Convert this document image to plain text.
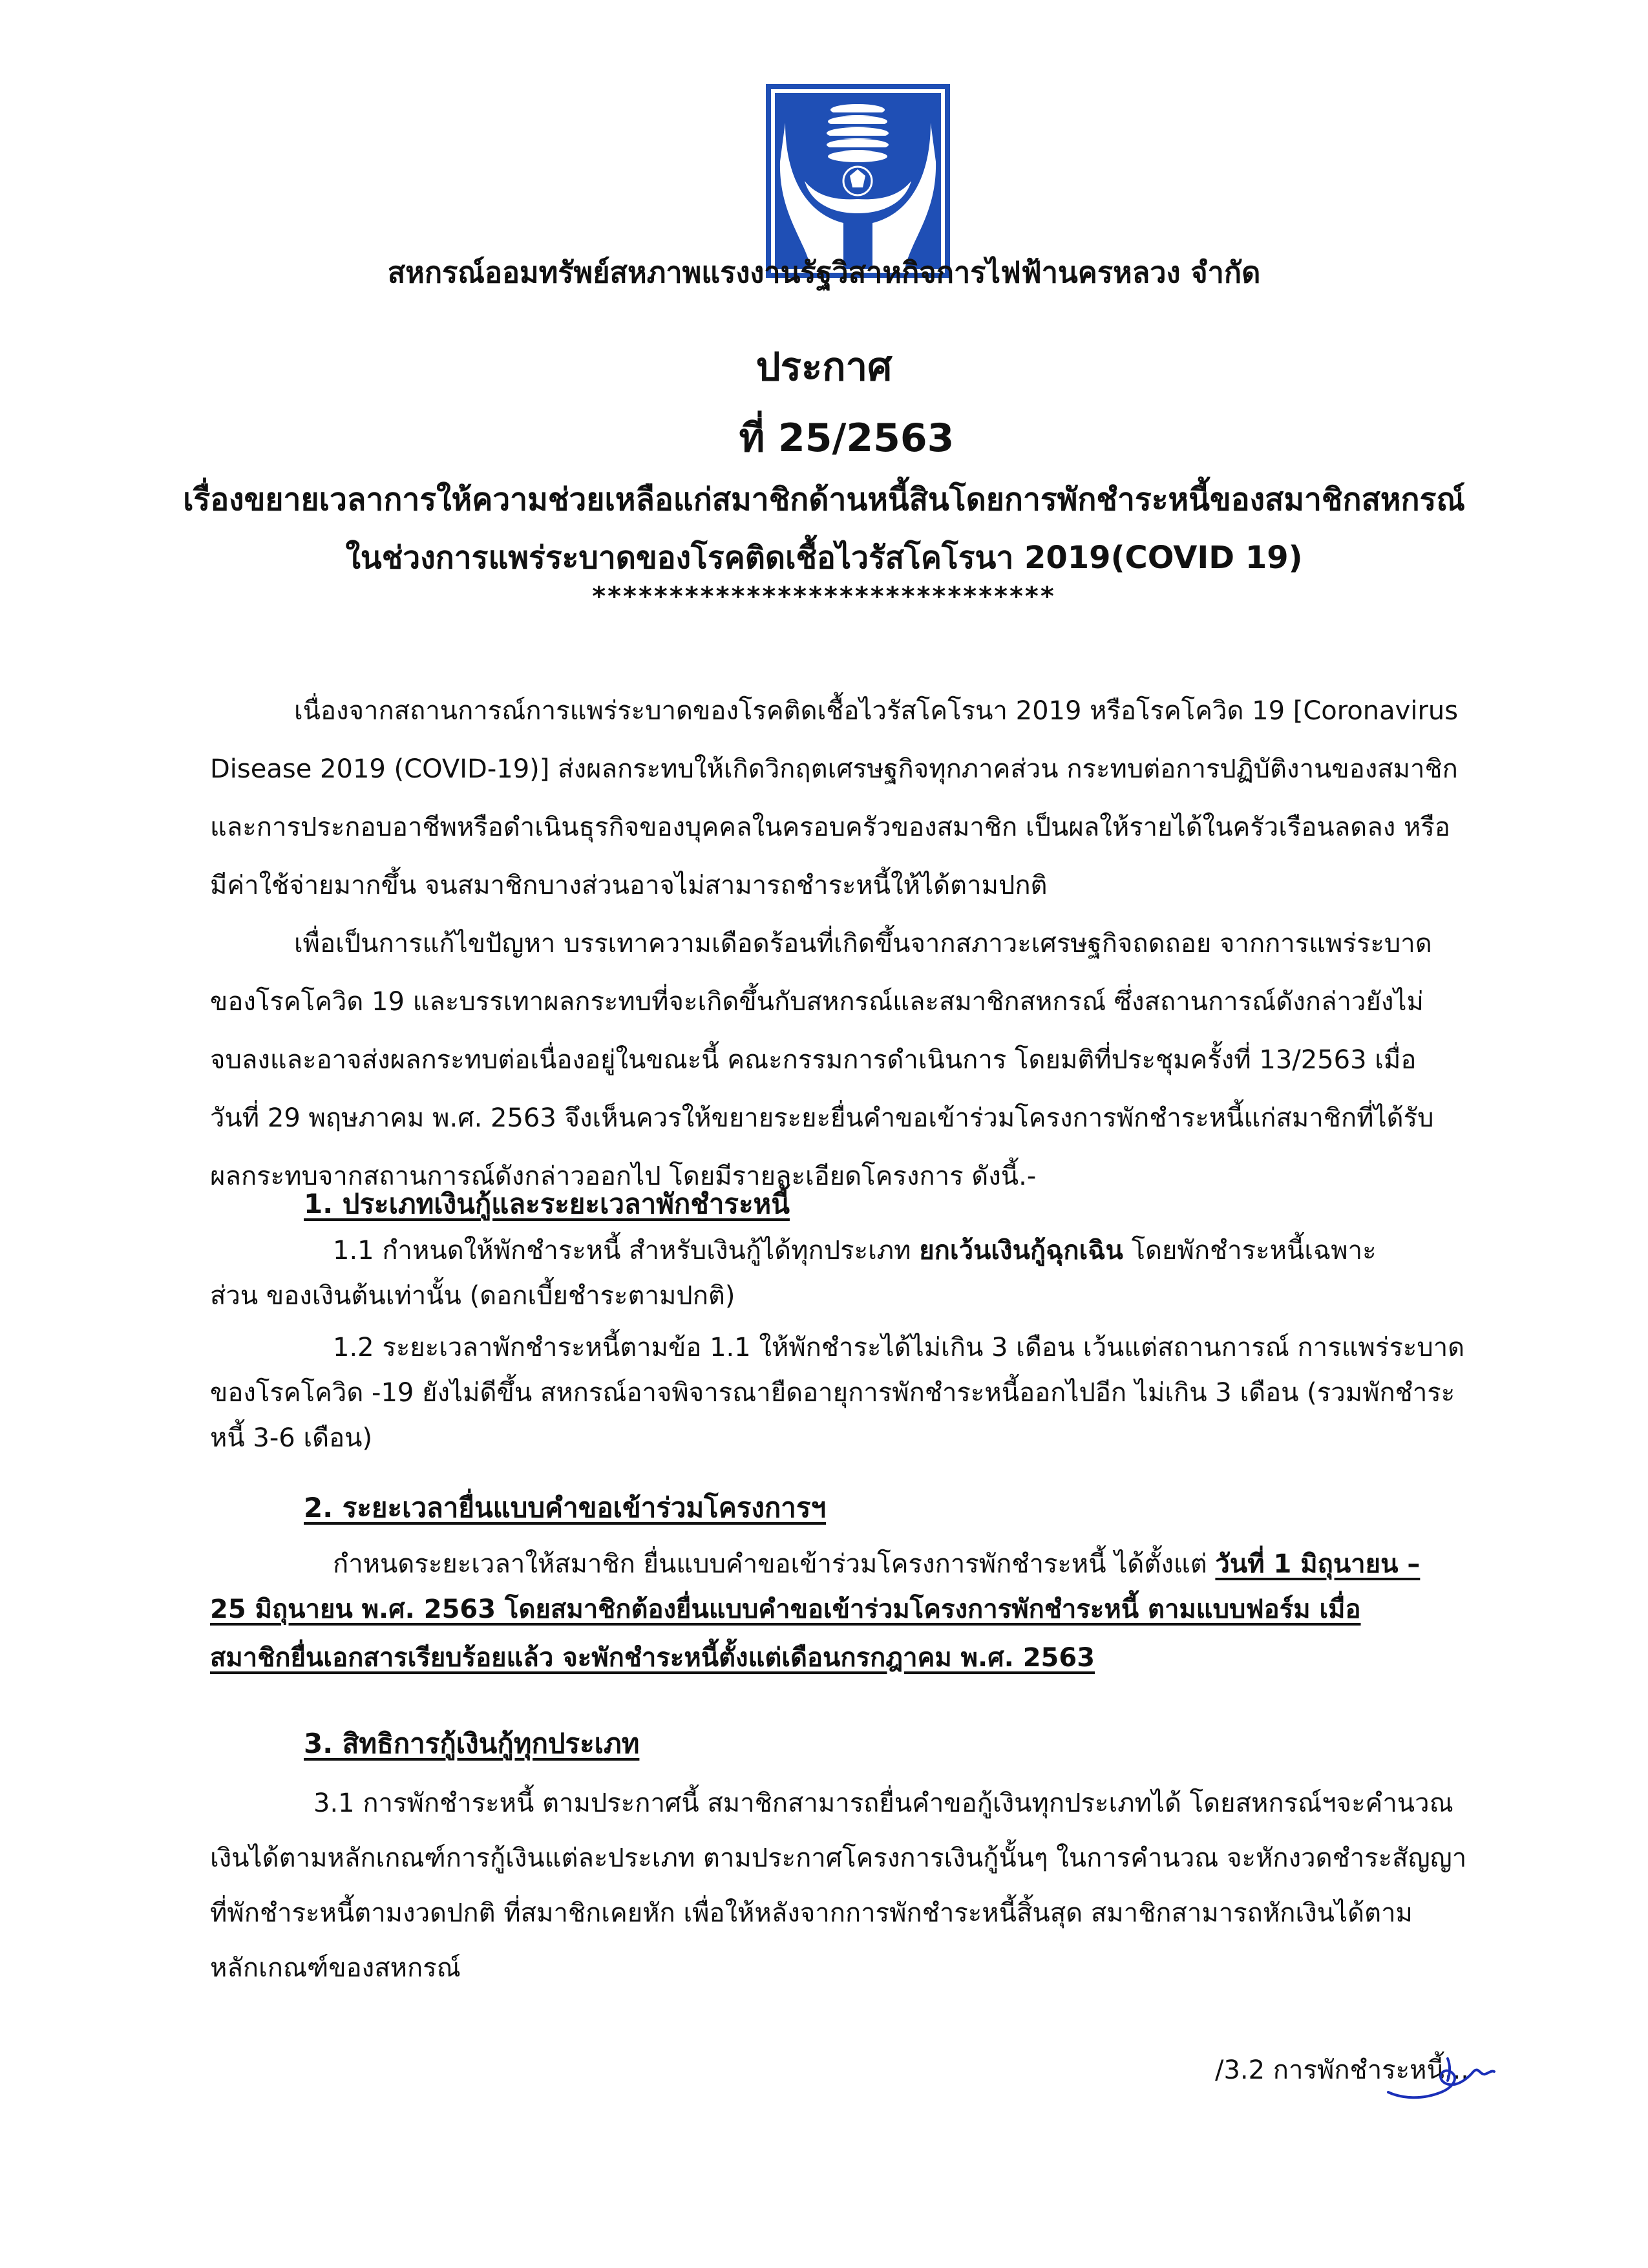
สหกรณ์ออมทรัพย์สหภาพแรงงานรัฐวิสาหกิจการไฟฟ้านครหลวง จำกัด
ประกาศ
ที่ 25/2563
เรื่องขยายเวลาการให้ความช่วยเหลือแก่สมาชิกด้านหนี้สินโดยการพักชำระหนี้ของสมาชิกสหกรณ์
ในช่วงการแพร่ระบาดของโรคติดเชื้อไวรัสโคโรนา 2019(COVID 19)
******************************

เนื่องจากสถานการณ์การแพร่ระบาดของโรคติดเชื้อไวรัสโคโรนา 2019 หรือโรคโควิด 19 [Coronavirus

Disease 2019 (COVID-19)] ส่งผลกระทบให้เกิดวิกฤตเศรษฐกิจทุกภาคส่วน กระทบต่อการปฏิบัติงานของสมาชิก

และการประกอบอาชีพหรือดำเนินธุรกิจของบุคคลในครอบครัวของสมาชิก เป็นผลให้รายได้ในครัวเรือนลดลง หรือ

มีค่าใช้จ่ายมากขึ้น จนสมาชิกบางส่วนอาจไม่สามารถชำระหนี้ให้ได้ตามปกติ

เพื่อเป็นการแก้ไขปัญหา บรรเทาความเดือดร้อนที่เกิดขึ้นจากสภาวะเศรษฐกิจถดถอย จากการแพร่ระบาด

ของโรคโควิด 19 และบรรเทาผลกระทบที่จะเกิดขึ้นกับสหกรณ์และสมาชิกสหกรณ์ ซึ่งสถานการณ์ดังกล่าวยังไม่

จบลงและอาจส่งผลกระทบต่อเนื่องอยู่ในขณะนี้ คณะกรรมการดำเนินการ โดยมติที่ประชุมครั้งที่ 13/2563 เมื่อ

วันที่ 29 พฤษภาคม พ.ศ. 2563 จึงเห็นควรให้ขยายระยะยื่นคำขอเข้าร่วมโครงการพักชำระหนี้แก่สมาชิกที่ได้รับ

ผลกระทบจากสถานการณ์ดังกล่าวออกไป โดยมีรายละเอียดโครงการ ดังนี้.-

1. ประเภทเงินกู้และระยะเวลาพักชำระหนี้

1.1 กำหนดให้พักชำระหนี้ สำหรับเงินกู้ได้ทุกประเภท ยกเว้นเงินกู้ฉุกเฉิน โดยพักชำระหนี้เฉพาะ

ส่วน ของเงินต้นเท่านั้น (ดอกเบี้ยชำระตามปกติ)

1.2 ระยะเวลาพักชำระหนี้ตามข้อ 1.1 ให้พักชำระได้ไม่เกิน 3 เดือน เว้นแต่สถานการณ์ การแพร่ระบาด

ของโรคโควิด -19 ยังไม่ดีขึ้น สหกรณ์อาจพิจารณายืดอายุการพักชำระหนี้ออกไปอีก ไม่เกิน 3 เดือน (รวมพักชำระ

หนี้ 3-6 เดือน)

2. ระยะเวลายื่นแบบคำขอเข้าร่วมโครงการฯ

กำหนดระยะเวลาให้สมาชิก ยื่นแบบคำขอเข้าร่วมโครงการพักชำระหนี้ ได้ตั้งแต่ วันที่ 1 มิถุนายน –

25 มิถุนายน พ.ศ. 2563 โดยสมาชิกต้องยื่นแบบคำขอเข้าร่วมโครงการพักชำระหนี้ ตามแบบฟอร์ม เมื่อ

สมาชิกยื่นเอกสารเรียบร้อยแล้ว จะพักชำระหนี้ตั้งแต่เดือนกรกฎาคม พ.ศ. 2563

3. สิทธิการกู้เงินกู้ทุกประเภท

3.1 การพักชำระหนี้ ตามประกาศนี้ สมาชิกสามารถยื่นคำขอกู้เงินทุกประเภทได้ โดยสหกรณ์ฯจะคำนวณ

เงินได้ตามหลักเกณฑ์การกู้เงินแต่ละประเภท ตามประกาศโครงการเงินกู้นั้นๆ ในการคำนวณ จะหักงวดชำระสัญญา

ที่พักชำระหนี้ตามงวดปกติ ที่สมาชิกเคยหัก เพื่อให้หลังจากการพักชำระหนี้สิ้นสุด สมาชิกสามารถหักเงินได้ตาม

หลักเกณฑ์ของสหกรณ์

/3.2 การพักชำระหนี้...
